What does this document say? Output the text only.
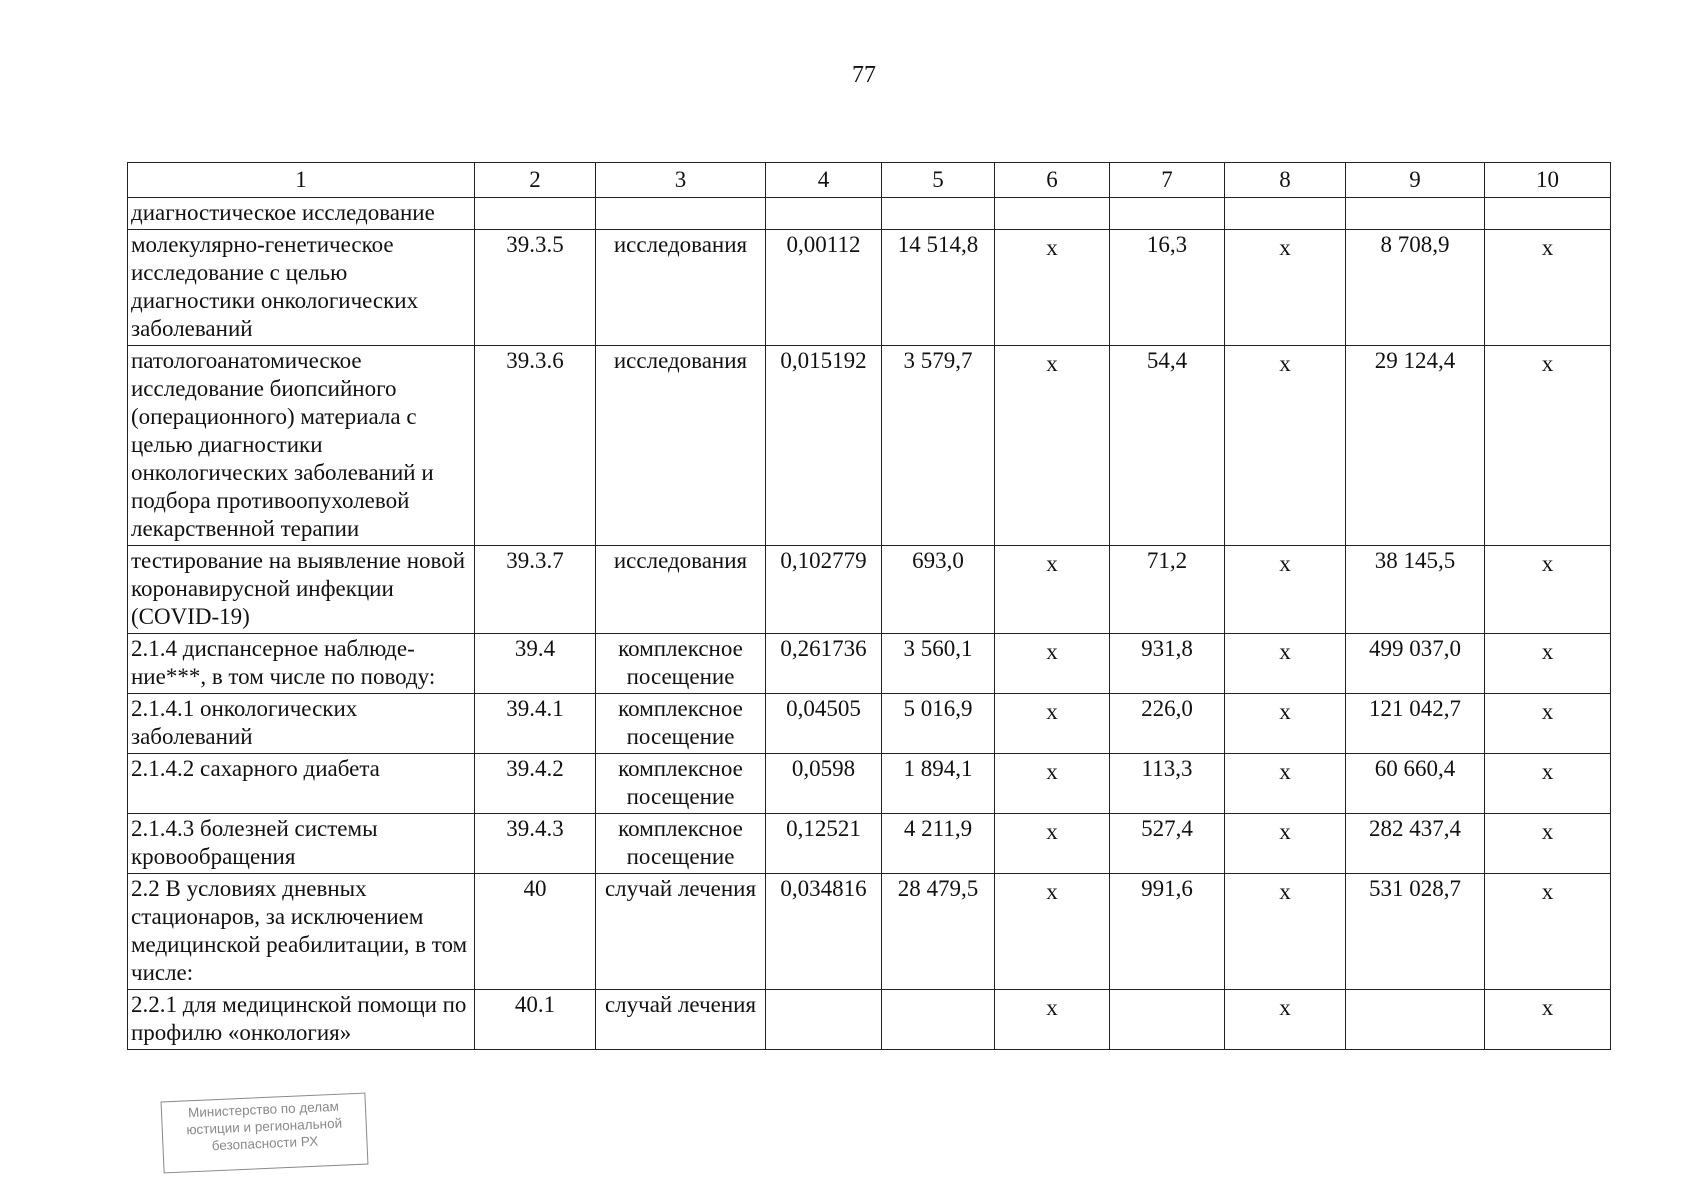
77
1	2	3	4	5	6	7	8	9	10
диагностическое исследование									
молекулярно-генетическое исследование с целью диагностики онкологических заболеваний	39.3.5	исследования	0,00112	14 514,8	x	16,3	x	8 708,9	x
патологоанатомическое исследование биопсийного (операционного) материала с целью диагностики онкологических заболеваний и подбора противоопухолевой лекарственной терапии	39.3.6	исследования	0,015192	3 579,7	x	54,4	x	29 124,4	x
тестирование на выявление новой коронавирусной инфекции (COVID-19)	39.3.7	исследования	0,102779	693,0	x	71,2	x	38 145,5	x
2.1.4 диспансерное наблюде-ние***, в том числе по поводу:	39.4	комплексное посещение	0,261736	3 560,1	x	931,8	x	499 037,0	x
2.1.4.1 онкологических заболеваний	39.4.1	комплексное посещение	0,04505	5 016,9	x	226,0	x	121 042,7	x
2.1.4.2 сахарного диабета	39.4.2	комплексное посещение	0,0598	1 894,1	x	113,3	x	60 660,4	x
2.1.4.3 болезней системы кровообращения	39.4.3	комплексное посещение	0,12521	4 211,9	x	527,4	x	282 437,4	x
2.2 В условиях дневных стационаров, за исключением медицинской реабилитации, в том числе:	40	случай лечения	0,034816	28 479,5	x	991,6	x	531 028,7	x
2.2.1 для медицинской помощи по профилю «онкология»	40.1	случай лечения			x		x		x
Министерство по делам
юстиции и региональной
безопасности РХ
